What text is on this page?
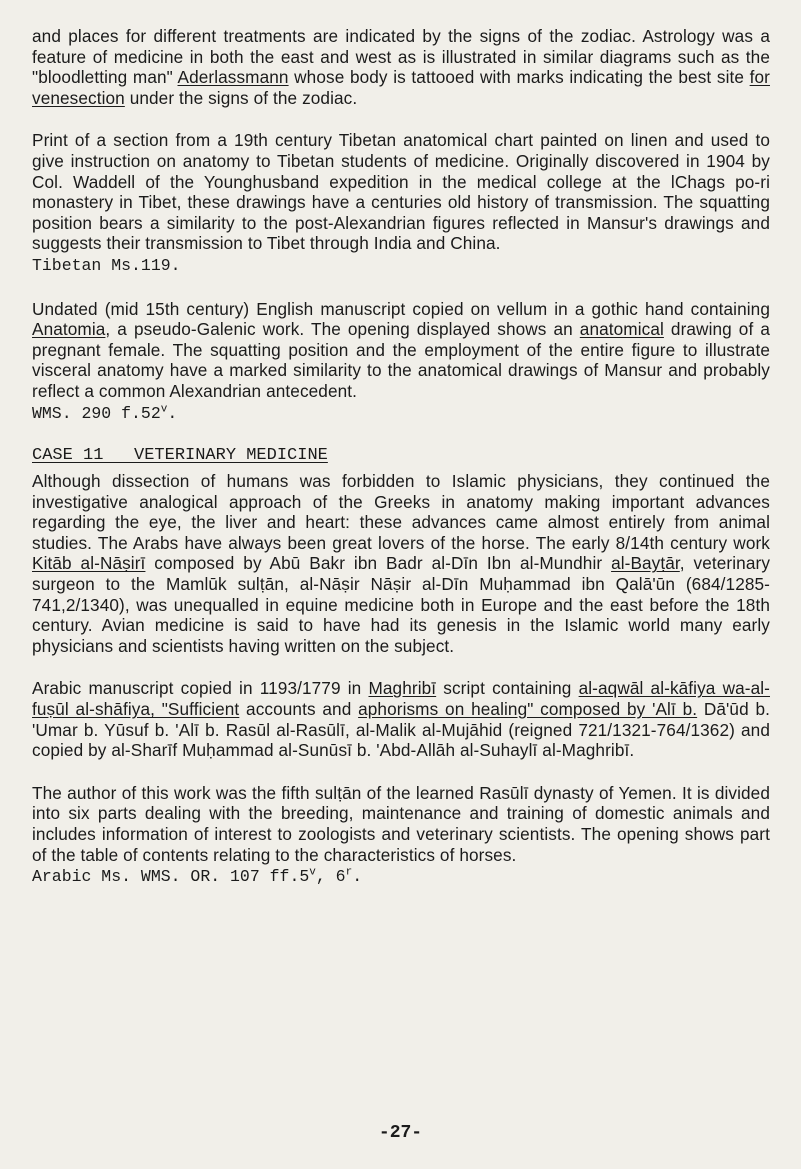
and places for different treatments are indicated by the signs of the zodiac. Astrology was a feature of medicine in both the east and west as is illustrated in similar diagrams such as the "bloodletting man" Aderlassmann whose body is tattooed with marks indicating the best site for venesection under the signs of the zodiac.

Print of a section from a 19th century Tibetan anatomical chart painted on linen and used to give instruction on anatomy to Tibetan students of medicine. Originally discovered in 1904 by Col. Waddell of the Younghusband expedition in the medical college at the lChags po-ri monastery in Tibet, these drawings have a centuries old history of transmission. The squatting position bears a similarity to the post-Alexandrian figures reflected in Mansur's drawings and suggests their transmission to Tibet through India and China.
Tibetan Ms.119.

Undated (mid 15th century) English manuscript copied on vellum in a gothic hand containing Anatomia, a pseudo-Galenic work. The opening displayed shows an anatomical drawing of a pregnant female. The squatting position and the employment of the entire figure to illustrate visceral anatomy have a marked similarity to the anatomical drawings of Mansur and probably reflect a common Alexandrian antecedent.
WMS. 290 f.52$^v$.

CASE 11   VETERINARY MEDICINE

Although dissection of humans was forbidden to Islamic physicians, they continued the investigative analogical approach of the Greeks in anatomy making important advances regarding the eye, the liver and heart: these advances came almost entirely from animal studies. The Arabs have always been great lovers of the horse. The early 8/14th century work Kitāb al-Nāṣirī composed by Abū Bakr ibn Badr al-Dīn Ibn al-Mundhir al-Bayṭār, veterinary surgeon to the Mamlūk sulṭān, al-Nāṣir Nāṣir al-Dīn Muḥammad ibn Qalā'ūn (684/1285-741,2/1340), was unequalled in equine medicine both in Europe and the east before the 18th century. Avian medicine is said to have had its genesis in the Islamic world many early physicians and scientists having written on the subject.

Arabic manuscript copied in 1193/1779 in Maghribī script containing al-aqwāl al-kāfiya wa-al-fuṣūl al-shāfiya, "Sufficient accounts and aphorisms on healing" composed by 'Alī b. Dā'ūd b. 'Umar b. Yūsuf b. 'Alī b. Rasūl al-Rasūlī, al-Malik al-Mujāhid (reigned 721/1321-764/1362) and copied by al-Sharīf Muḥammad al-Sunūsī b. 'Abd-Allāh al-Suhaylī al-Maghribī.

The author of this work was the fifth sulṭān of the learned Rasūlī dynasty of Yemen. It is divided into six parts dealing with the breeding, maintenance and training of domestic animals and includes information of interest to zoologists and veterinary scientists. The opening shows part of the table of contents relating to the characteristics of horses.
Arabic Ms. WMS. OR. 107 ff.5$^v$, 6$^r$.

-27-
